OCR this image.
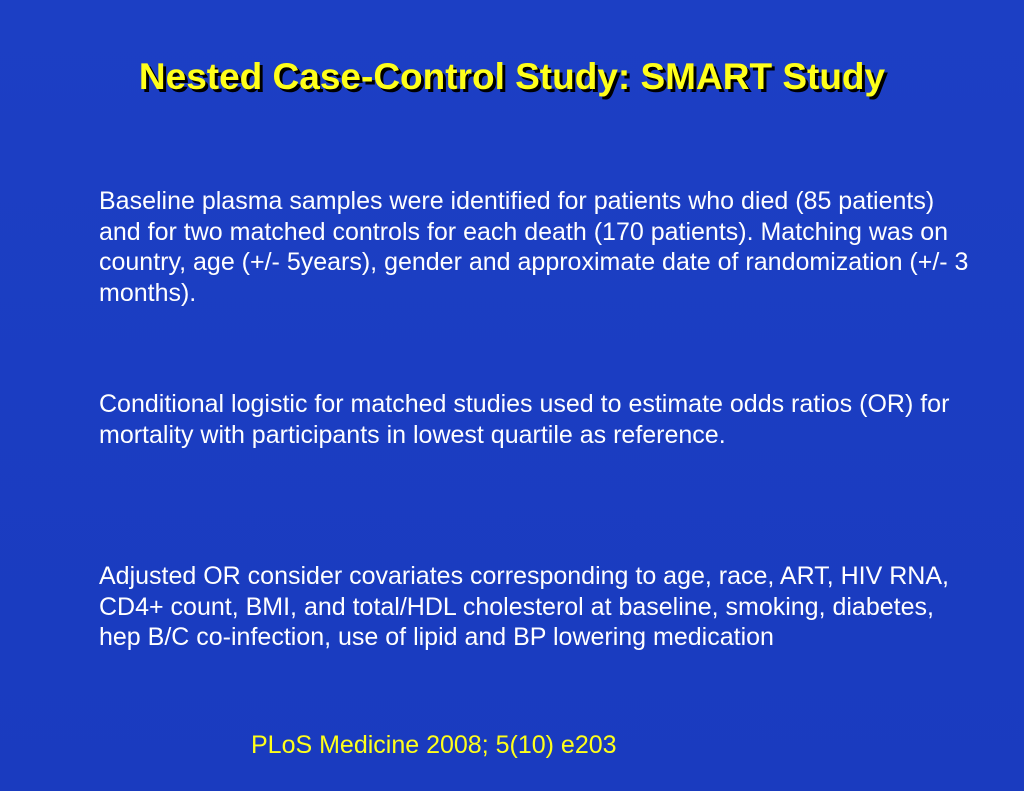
Nested Case-Control Study: SMART Study
Baseline plasma samples were identified for patients who died (85 patients) and for two matched controls for each death (170 patients). Matching was on country, age (+/- 5years), gender and approximate date of randomization (+/- 3 months).
Conditional logistic for matched studies used to estimate odds ratios (OR) for mortality with participants in lowest quartile as reference.
Adjusted OR consider covariates corresponding to age, race, ART, HIV RNA, CD4+ count, BMI, and total/HDL cholesterol at baseline, smoking, diabetes, hep B/C co-infection, use of lipid and BP lowering medication
PLoS Medicine 2008; 5(10) e203
